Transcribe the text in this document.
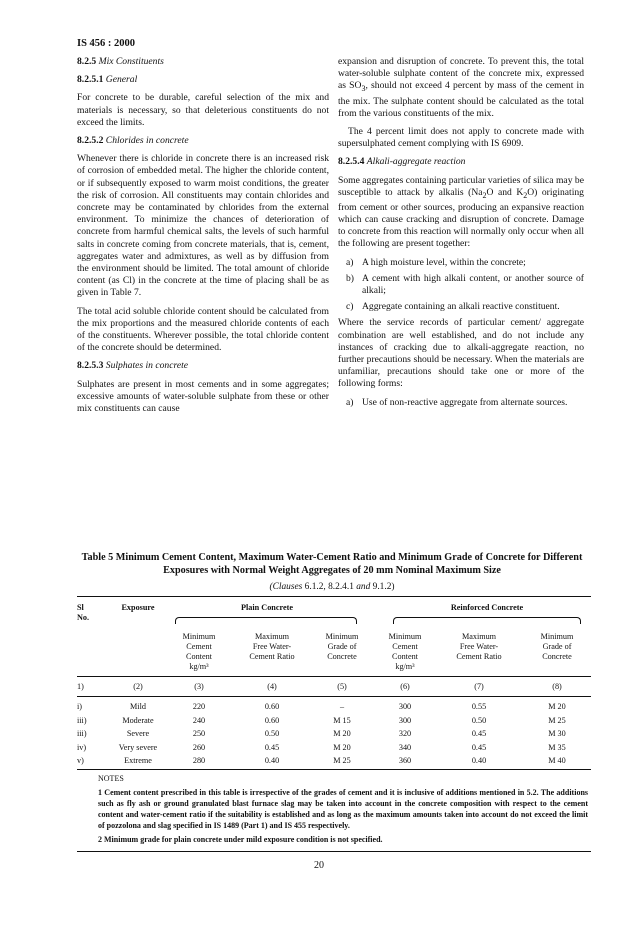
IS 456 : 2000
8.2.5 Mix Constituents
8.2.5.1 General

For concrete to be durable, careful selection of the mix and materials is necessary, so that deleterious constituents do not exceed the limits.

8.2.5.2 Chlorides in concrete

Whenever there is chloride in concrete there is an increased risk of corrosion of embedded metal. The higher the chloride content, or if subsequently exposed to warm moist conditions, the greater the risk of corrosion. All constituents may contain chlorides and concrete may be contaminated by chlorides from the external environment. To minimize the chances of deterioration of concrete from harmful chemical salts, the levels of such harmful salts in concrete coming from concrete materials, that is, cement, aggregates water and admixtures, as well as by diffusion from the environment should be limited. The total amount of chloride content (as Cl) in the concrete at the time of placing shall be as given in Table 7.

The total acid soluble chloride content should be calculated from the mix proportions and the measured chloride contents of each of the constituents. Wherever possible, the total chloride content of the concrete should be determined.

8.2.5.3 Sulphates in concrete

Sulphates are present in most cements and in some aggregates; excessive amounts of water-soluble sulphate from these or other mix constituents can cause

expansion and disruption of concrete. To prevent this, the total water-soluble sulphate content of the concrete mix, expressed as $SO_3$, should not exceed 4 percent by mass of the cement in the mix. The sulphate content should be calculated as the total from the various constituents of the mix.

The 4 percent limit does not apply to concrete made with supersulphated cement complying with IS 6909.

8.2.5.4 Alkali-aggregate reaction

Some aggregates containing particular varieties of silica may be susceptible to attack by alkalis ($Na_2O$ and $K_2O$) originating from cement or other sources, producing an expansive reaction which can cause cracking and disruption of concrete. Damage to concrete from this reaction will normally only occur when all the following are present together:

a) A high moisture level, within the concrete;
b) A cement with high alkali content, or another source of alkali;
c) Aggregate containing an alkali reactive constituent.

Where the service records of particular cement/ aggregate combination are well established, and do not include any instances of cracking due to alkali-aggregate reaction, no further precautions should be necessary. When the materials are unfamiliar, precautions should take one or more of the following forms:

a) Use of non-reactive aggregate from alternate sources.
Table 5 Minimum Cement Content, Maximum Water-Cement Ratio and Minimum Grade of Concrete for Different Exposures with Normal Weight Aggregates of 20 mm Nominal Maximum Size
(Clauses 6.1.2, 8.2.4.1 and 9.1.2)
Sl
No.
Exposure	Plain Concrete	Reinforced Concrete
Minimum
Cement
Content
kg/m³
Maximum
Free Water-
Cement Ratio
Minimum
Grade of
Concrete
Minimum
Cement
Content
kg/m³
Maximum
Free Water-
Cement Ratio
Minimum
Grade of
Concrete
1)	(2)	(3)	(4)	(5)	(6)	(7)	(8)
i)	Mild	220	0.60	–	300	0.55	M 20
iii)	Moderate	240	0.60	M 15	300	0.50	M 25
iii)	Severe	250	0.50	M 20	320	0.45	M 30
iv)	Very severe	260	0.45	M 20	340	0.45	M 35
v)	Extreme	280	0.40	M 25	360	0.40	M 40

NOTES

1 Cement content prescribed in this table is irrespective of the grades of cement and it is inclusive of additions mentioned in 5.2. The additions such as fly ash or ground granulated blast furnace slag may be taken into account in the concrete composition with respect to the cement content and water-cement ratio if the suitability is established and as long as the maximum amounts taken into account do not exceed the limit of pozzolona and slag specified in IS 1489 (Part 1) and IS 455 respectively.

2 Minimum grade for plain concrete under mild exposure condition is not specified.

20
